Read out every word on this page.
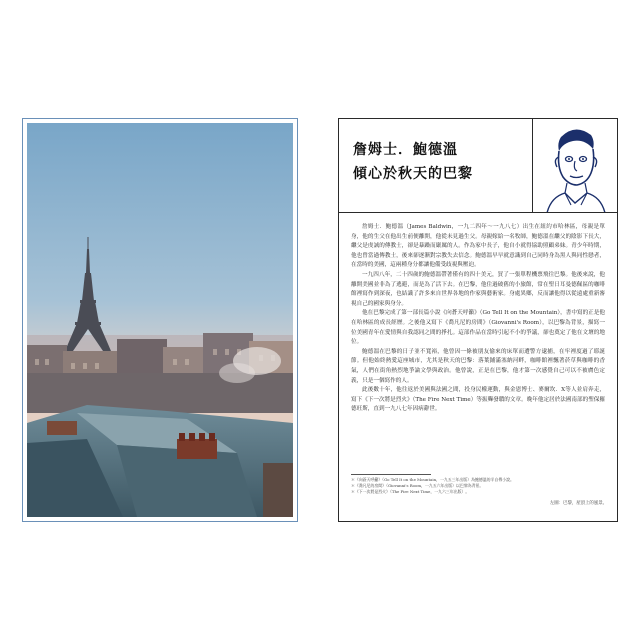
詹姆士．鮑德溫
傾心於秋天的巴黎

詹姆士．鮑德溫（James Baldwin，一九二四年～一九八七）出生在紐約市哈林區，母親是單身，他的生父在他出生前便離開，他從未見過生父。母親嫁給一名牧師，鮑德溫在繼父的陰影下長大，繼父是虔誠的傳教士，卻是暴躁而嚴厲的人。作為家中長子，他自小就得協助照顧弟妹。青少年時期，他也曾當過傳教士，後來卻逐漸對宗教失去信念。鮑德溫早早就意識到自己同時身為黑人與同性戀者，在當時的美國，這兩種身分都讓他備受歧視與壓迫。

一九四八年，二十四歲的鮑德溫帶著僅有的四十美元，買了一張單程機票飛往巴黎。他後來說，他離開美國並非為了逃避，而是為了活下去。在巴黎，他住過破舊的小旅館，常在聖日耳曼德佩區的咖啡館裡寫作到深夜，也結識了許多來自世界各地的作家與藝術家。身處異鄉，反而讓他得以從遠處重新審視自己的國家與身分。

他在巴黎完成了第一部長篇小說《向蒼天呼籲》（Go Tell It on the Mountain），書中寫的正是他在哈林區的成長經歷。之後他又寫下《喬凡尼的房間》（Giovanni's Room），以巴黎為背景，描寫一位美國青年在愛情與自我認同之間的掙扎。這部作品在當時引起不小的爭議，卻也奠定了他在文壇的地位。

鮑德溫在巴黎的日子並不寬裕，他曾因一條被朋友偷來的床單而遭警方逮捕，在牢裡度過了耶誕節。但他始終熱愛這座城市，尤其是秋天的巴黎：落葉鋪滿塞納河畔，咖啡館裡飄著菸草與咖啡的香氣，人們在街角熱烈地爭論文學與政治。他曾說，正是在巴黎，他才第一次感覺自己可以不被膚色定義，只是一個寫作的人。

此後數十年，他往返於美國與法國之間，投身民權運動，與金恩博士、麥爾坎．X等人並肩奔走，寫下《下一次將是烈火》（The Fire Next Time）等振聾發聵的文章。晚年他定居於法國南部的聖保羅德旺斯，直到一九八七年因病辭世。

＊《向蒼天呼籲》（Go Tell It on the Mountain，一九五三年出版）為鮑德溫的半自傳小說。

＊《喬凡尼的房間》（Giovanni's Room，一九五六年出版）以巴黎為背景。

＊《下一次將是烈火》（The Fire Next Time，一九六三年出版）。

左圖：巴黎，屋頂上的風景。
